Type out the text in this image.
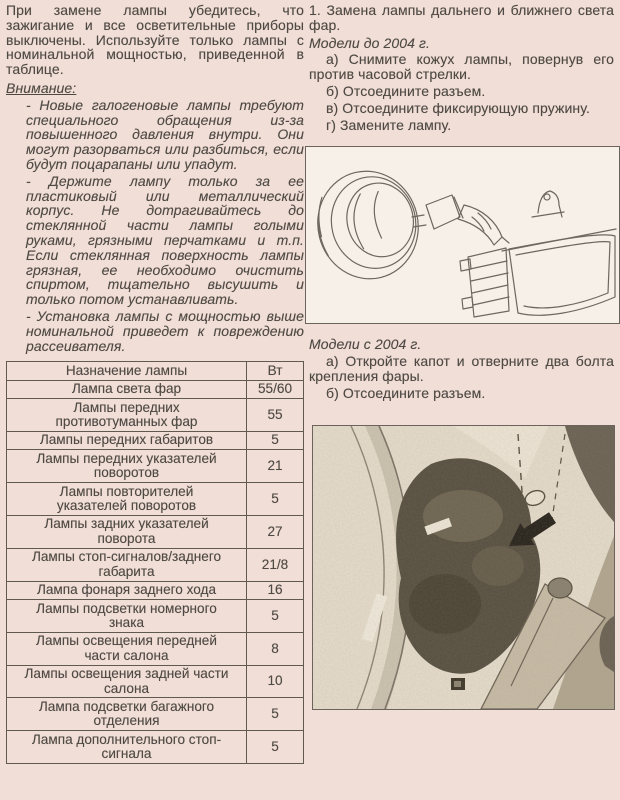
При замене лампы убедитесь, что зажигание и все осветительные приборы выключены. Используйте только лампы с номинальной мощностью, приведенной в таблице.

Внимание:

- Новые галогеновые лампы требуют специального обращения из-за повышенного давления внутри. Они могут разорваться или разбиться, если будут поцарапаны или упадут.

- Держите лампу только за ее пластиковый или металлический корпус. Не дотрагивайтесь до стеклянной части лампы голыми руками, грязными перчатками и т.п. Если стеклянная поверхность лампы грязная, ее необходимо очистить спиртом, тщательно высушить и только потом устанавливать.

- Установка лампы с мощностью выше номинальной приведет к повреждению рассеивателя.

Назначение лампы	Вт
Лампа света фар	55/60
Лампы передних противотуманных фар	55
Лампы передних габаритов	5
Лампы передних указателей поворотов	21
Лампы повторителей указателей поворотов	5
Лампы задних указателей поворота	27
Лампы стоп-сигналов/заднего габарита	21/8
Лампа фонаря заднего хода	16
Лампы подсветки номерного знака	5
Лампы освещения передней части салона	8
Лампы освещения задней части салона	10
Лампа подсветки багажного отделения	5
Лампа дополнительного стоп-сигнала	5

1. Замена лампы дальнего и ближнего света фар.

Модели до 2004 г.

а) Снимите кожух лампы, повернув его против часовой стрелки.

б) Отсоедините разъем.

в) Отсоедините фиксирующую пружину.

г) Замените лампу.

Модели с 2004 г.

а) Откройте капот и отверните два болта крепления фары.

б) Отсоедините разъем.
